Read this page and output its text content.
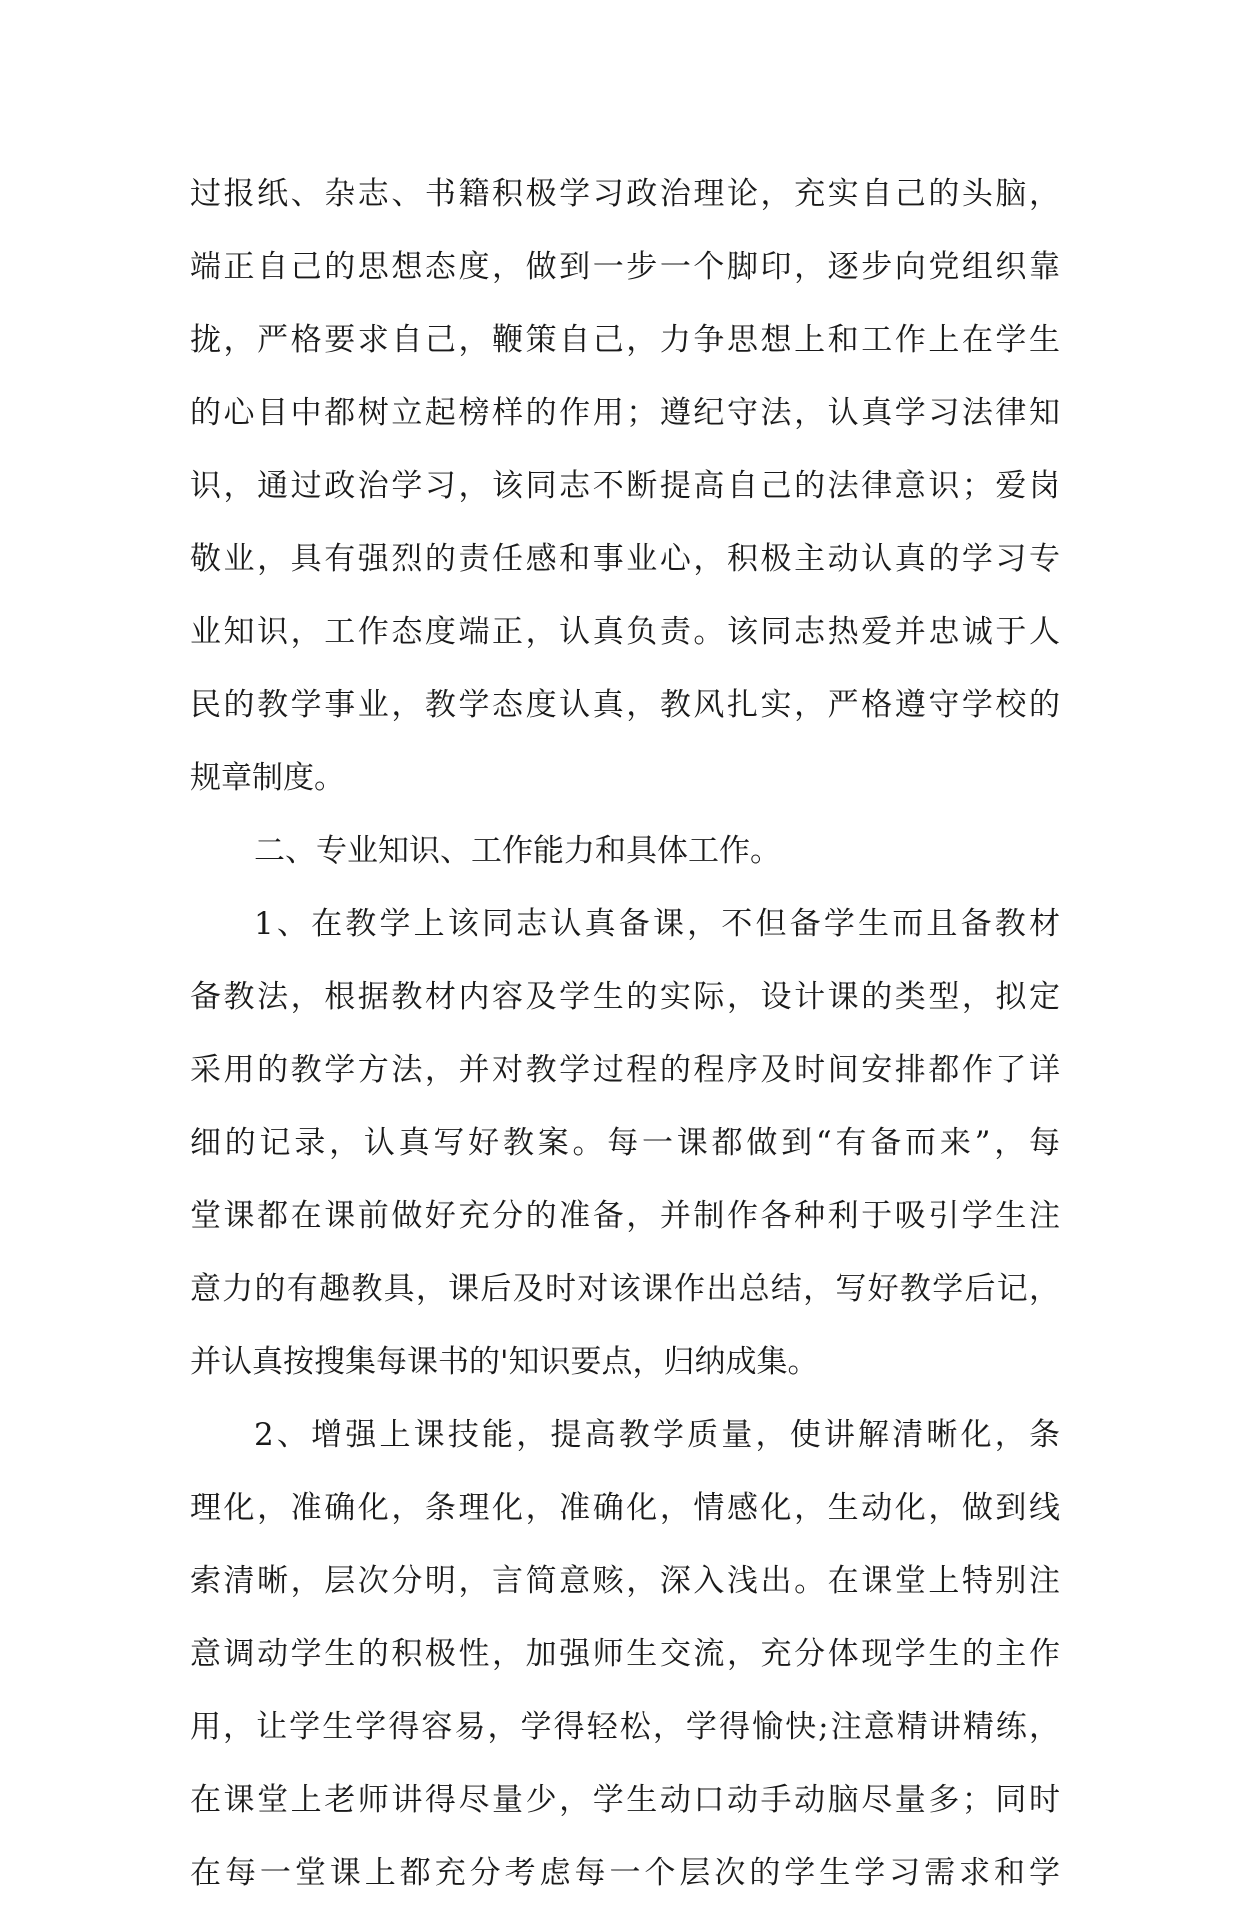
过报纸、杂志、书籍积极学习政治理论，充实自己的头脑，
端正自己的思想态度，做到一步一个脚印，逐步向党组织靠
拢，严格要求自己，鞭策自己，力争思想上和工作上在学生
的心目中都树立起榜样的作用；遵纪守法，认真学习法律知
识，通过政治学习，该同志不断提高自己的法律意识；爱岗
敬业，具有强烈的责任感和事业心，积极主动认真的学习专
业知识，工作态度端正，认真负责。该同志热爱并忠诚于人
民的教学事业，教学态度认真，教风扎实，严格遵守学校的
规章制度。
二、专业知识、工作能力和具体工作。
1、在教学上该同志认真备课，不但备学生而且备教材
备教法，根据教材内容及学生的实际，设计课的类型，拟定
采用的教学方法，并对教学过程的程序及时间安排都作了详
细的记录，认真写好教案。每一课都做到“有备而来”，每
堂课都在课前做好充分的准备，并制作各种利于吸引学生注
意力的有趣教具，课后及时对该课作出总结，写好教学后记，
并认真按搜集每课书的'知识要点，归纳成集。
2、增强上课技能，提高教学质量，使讲解清晰化，条
理化，准确化，条理化，准确化，情感化，生动化，做到线
索清晰，层次分明，言简意赅，深入浅出。在课堂上特别注
意调动学生的积极性，加强师生交流，充分体现学生的主作
用，让学生学得容易，学得轻松，学得愉快;注意精讲精练，
在课堂上老师讲得尽量少，学生动口动手动脑尽量多；同时
在每一堂课上都充分考虑每一个层次的学生学习需求和学
